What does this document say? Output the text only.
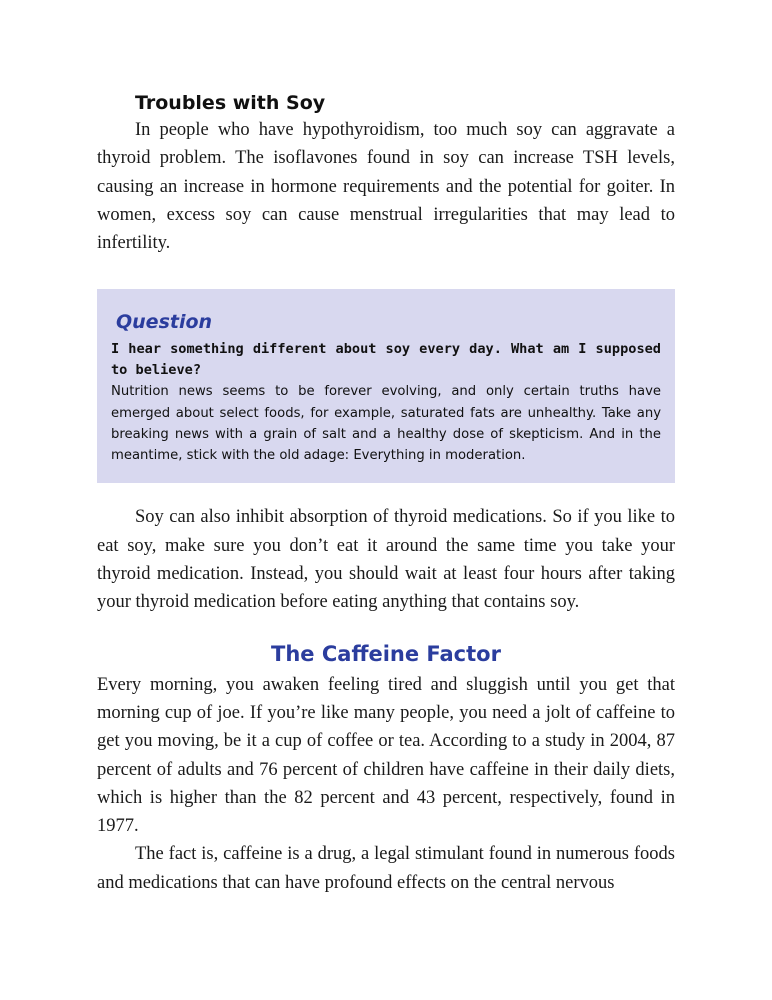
Troubles with Soy

In people who have hypothyroidism, too much soy can aggravate a thyroid problem. The isoflavones found in soy can increase TSH levels, causing an increase in hormone requirements and the potential for goiter. In women, excess soy can cause menstrual irregularities that may lead to infertility.

Question

I hear something different about soy every day. What am I supposed to believe?

Nutrition news seems to be forever evolving, and only certain truths have emerged about select foods, for example, saturated fats are unhealthy. Take any breaking news with a grain of salt and a healthy dose of skepticism. And in the meantime, stick with the old adage: Everything in moderation.

Soy can also inhibit absorption of thyroid medications. So if you like to eat soy, make sure you don’t eat it around the same time you take your thyroid medication. Instead, you should wait at least four hours after taking your thyroid medication before eating anything that contains soy.

The Caffeine Factor

Every morning, you awaken feeling tired and sluggish until you get that morning cup of joe. If you’re like many people, you need a jolt of caffeine to get you moving, be it a cup of coffee or tea. According to a study in 2004, 87 percent of adults and 76 percent of children have caffeine in their daily diets, which is higher than the 82 percent and 43 percent, respectively, found in 1977.

The fact is, caffeine is a drug, a legal stimulant found in numerous foods and medications that can have profound effects on the central nervous
